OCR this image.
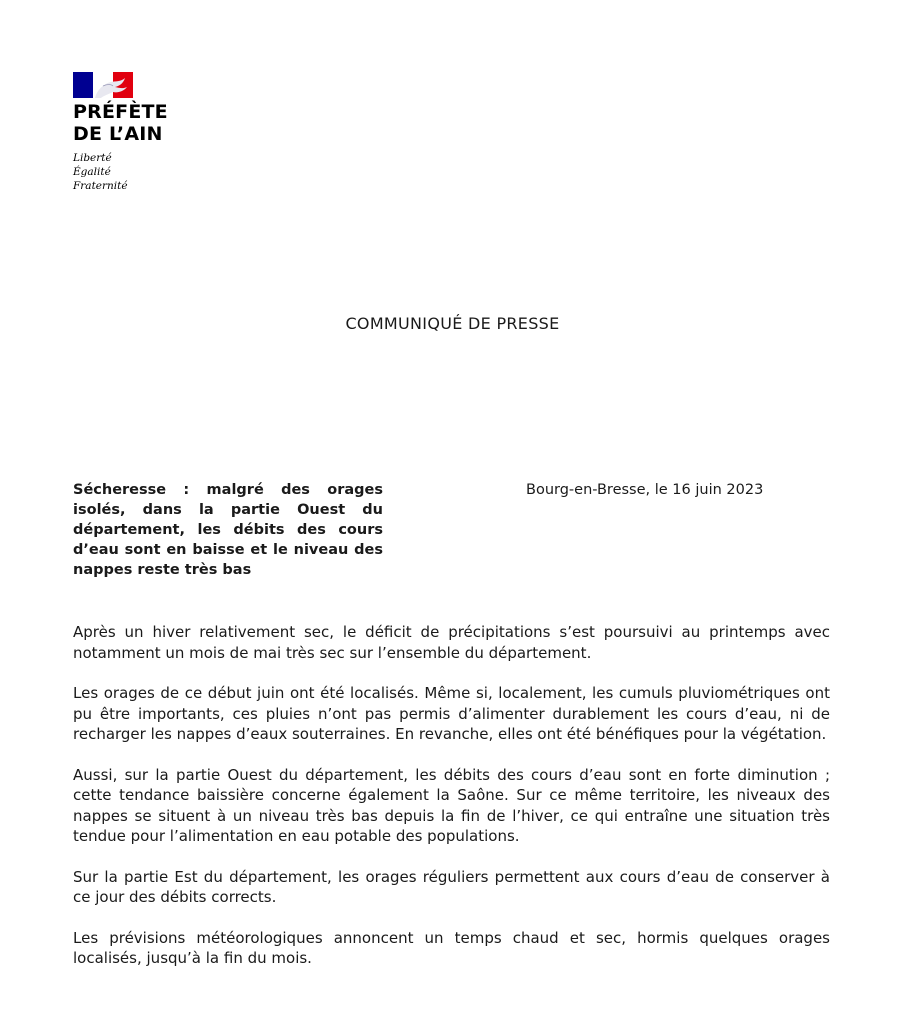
PRÉFÈTE
DE L’AIN
Liberté
Égalité
Fraternité
COMMUNIQUÉ DE PRESSE
Sécheresse : malgré des orages isolés, dans la partie Ouest du département, les débits des cours d’eau sont en baisse et le niveau des nappes reste très bas
Bourg-en-Bresse, le 16 juin 2023

Après un hiver relativement sec, le déficit de précipitations s’est poursuivi au printemps avec notamment un mois de mai très sec sur l’ensemble du département.

Les orages de ce début juin ont été localisés. Même si, localement, les cumuls pluviométriques ont pu être importants, ces pluies n’ont pas permis d’alimenter durablement les cours d’eau, ni de recharger les nappes d’eaux souterraines. En revanche, elles ont été bénéfiques pour la végétation.

Aussi, sur la partie Ouest du département, les débits des cours d’eau sont en forte diminution ; cette tendance baissière concerne également la Saône. Sur ce même territoire, les niveaux des nappes se situent à un niveau très bas depuis la fin de l’hiver, ce qui entraîne une situation très tendue pour l’alimentation en eau potable des populations.

Sur la partie Est du département, les orages réguliers permettent aux cours d’eau de conserver à ce jour des débits corrects.

Les prévisions météorologiques annoncent un temps chaud et sec, hormis quelques orages localisés, jusqu’à la fin du mois.
